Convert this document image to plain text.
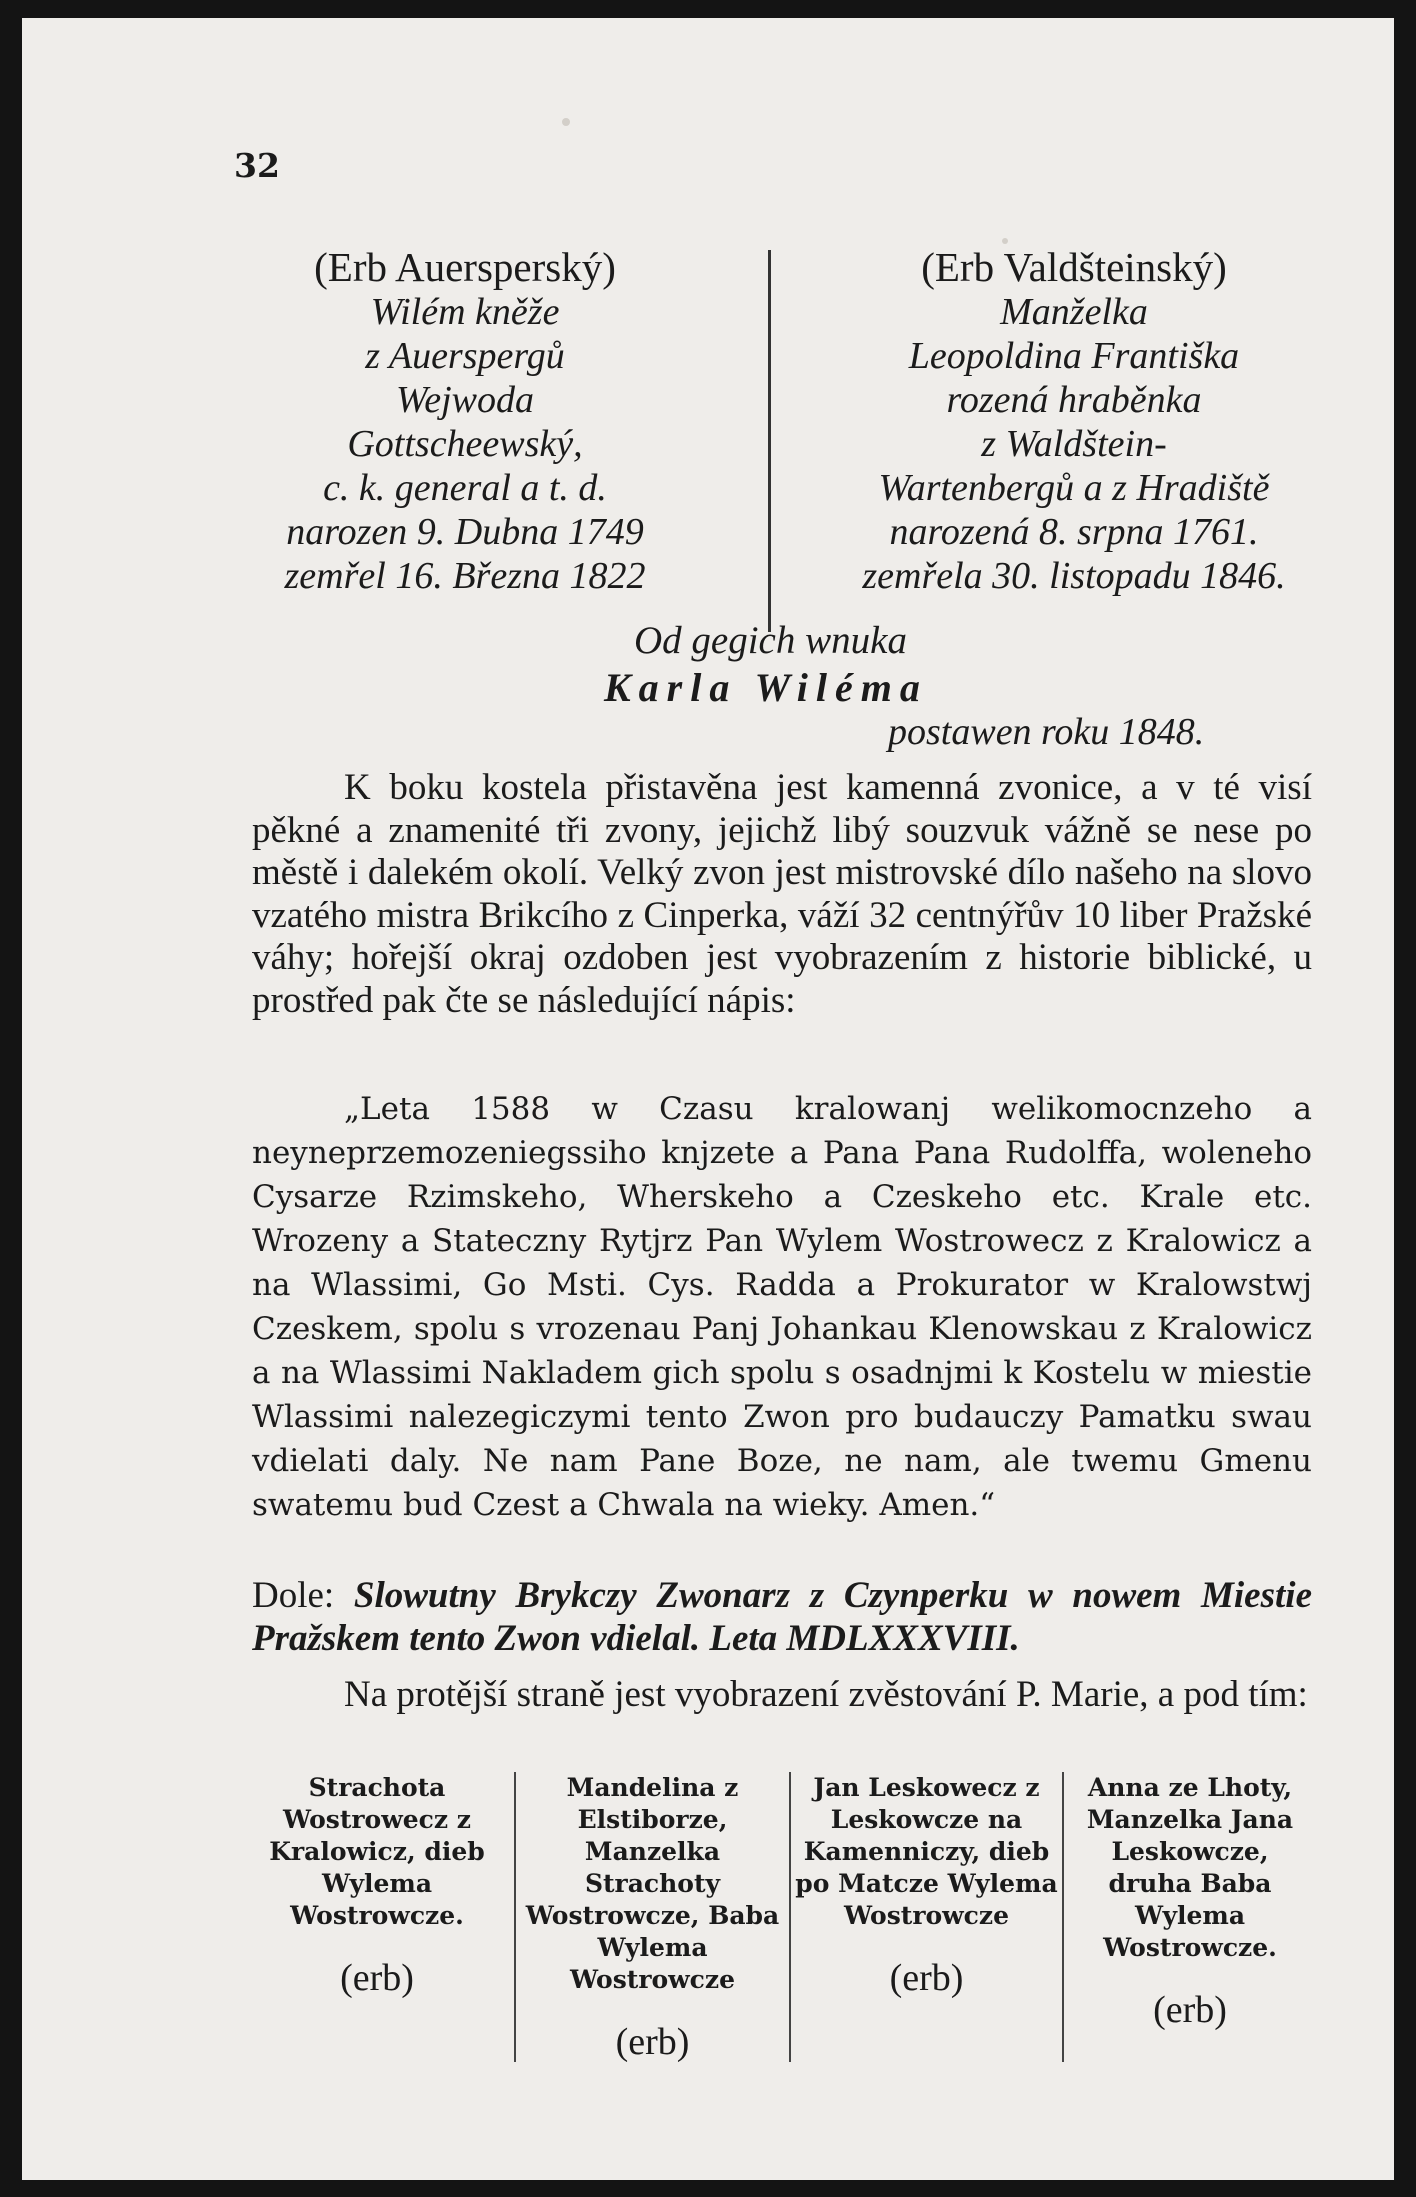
32
(Erb Auersperský)
Wilém kněže
z Auerspergů
Wejwoda
Gottscheewský,
c. k. general a t. d.
narozen 9. Dubna 1749
zemřel 16. Března 1822
(Erb Valdšteinský)
Manželka
Leopoldina Františka
rozená hraběnka
z Waldštein-
Wartenbergů a z Hradiště
narozená 8. srpna 1761.
zemřela 30. listopadu 1846.
Od gegich wnuka
Karla Wiléma
postawen roku 1848.
K boku kostela přistavěna jest kamenná zvonice, a v té visí pěkné a znamenité tři zvony, jejichž libý souzvuk vážně se nese po městě i dalekém okolí. Velký zvon jest mistrovské dílo našeho na slovo vzatého mistra Brikcího z Cinperka, váží 32 centnýřův 10 liber Pražské váhy; hořejší okraj ozdoben jest vyobrazením z historie biblické, u prostřed pak čte se následující nápis:
„Leta 1588 w Czasu kralowanj welikomocnzeho a neyneprzemozeniegssiho knjzete a Pana Pana Rudolffa, woleneho Cysarze Rzimskeho, Wherskeho a Czeskeho etc. Krale etc. Wrozeny a Stateczny Rytjrz Pan Wylem Wostrowecz z Kralowicz a na Wlassimi, Go Msti. Cys. Radda a Prokurator w Kralowstwj Czeskem, spolu s vrozenau Panj Johankau Klenowskau z Kralowicz a na Wlassimi Nakladem gich spolu s osadnjmi k Kostelu w miestie Wlassimi nalezegiczymi tento Zwon pro budauczy Pamatku swau vdielati daly. Ne nam Pane Boze, ne nam, ale twemu Gmenu swatemu bud Czest a Chwala na wieky. Amen.“
Dole: Slowutny Brykczy Zwonarz z Czynperku w nowem Miestie Pražskem tento Zwon vdielal. Leta MDLXXXVIII.
Na protější straně jest vyobrazení zvěstování P. Marie, a pod tím:
Strachota Wostrowecz z Kralowicz, dieb Wylema Wostrowcze.
(erb)
Mandelina z Elstiborze, Manzelka Strachoty Wostrowcze, Baba Wylema Wostrowcze
(erb)
Jan Leskowecz z Leskowcze na Kamenniczy, dieb po Matcze Wylema Wostrowcze
(erb)
Anna ze Lhoty, Manzelka Jana Leskowcze, druha Baba Wylema Wostrowcze.
(erb)
